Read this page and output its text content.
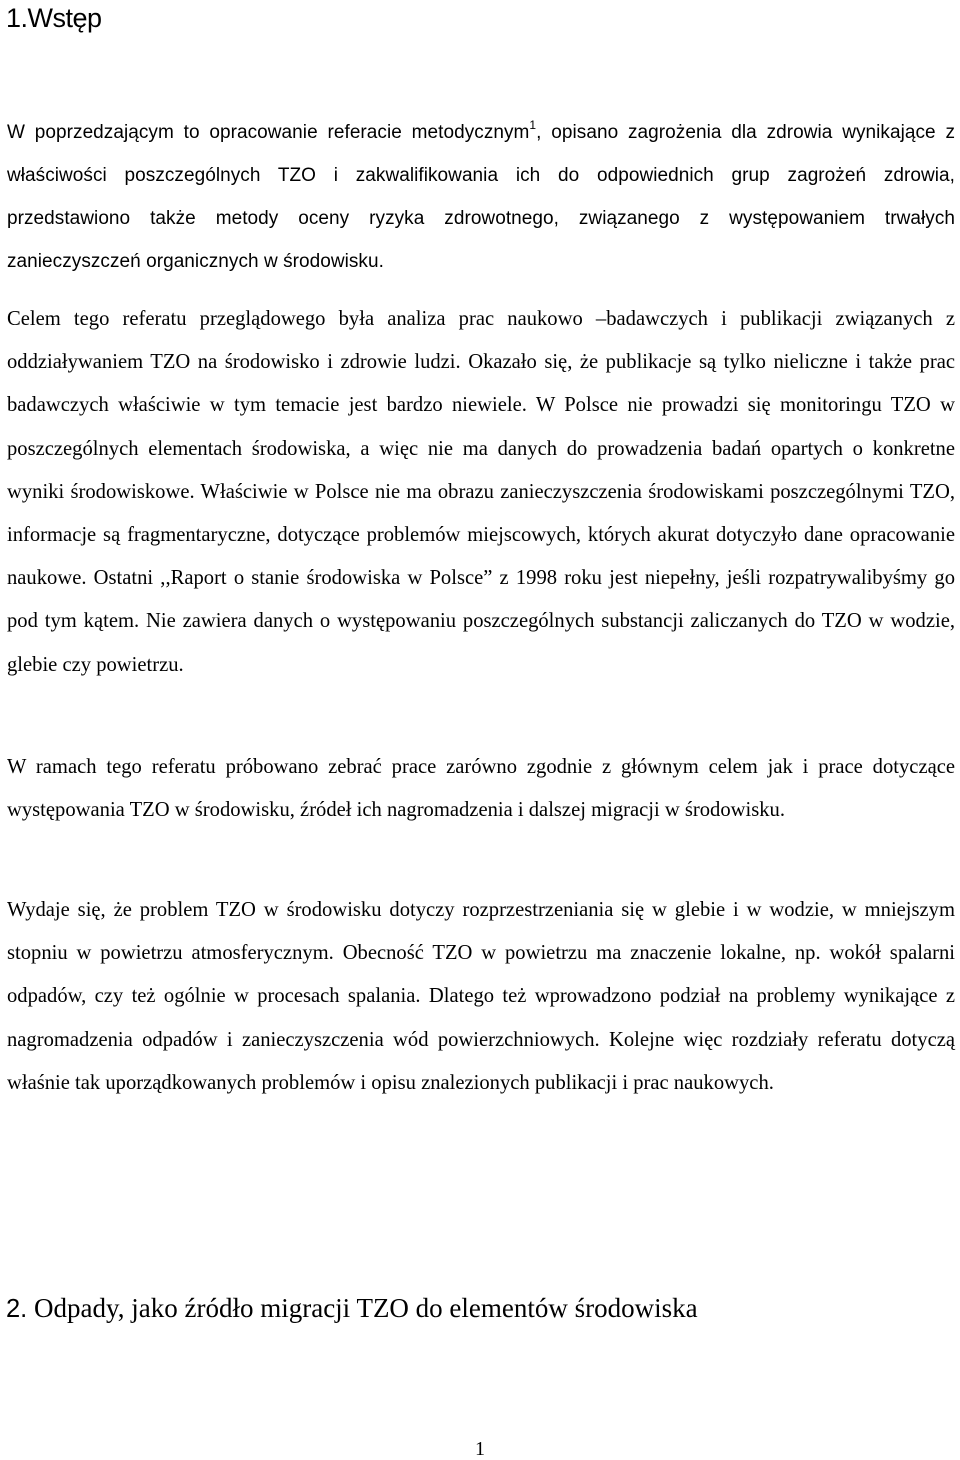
1.Wstęp

W poprzedzającym to opracowanie referacie metodycznym$^1$, opisano zagrożenia dla zdrowia wynikające z właściwości poszczególnych TZO i zakwalifikowania ich do odpowiednich grup zagrożeń zdrowia, przedstawiono także metody oceny ryzyka zdrowotnego, związanego z występowaniem trwałych zanieczyszczeń organicznych w środowisku.

Celem tego referatu przeglądowego była analiza prac naukowo –badawczych i publikacji związanych z oddziaływaniem TZO na środowisko i zdrowie ludzi. Okazało się, że publikacje są tylko nieliczne i także prac badawczych właściwie w tym temacie jest bardzo niewiele. W Polsce nie prowadzi się monitoringu TZO w poszczególnych elementach środowiska, a więc nie ma danych do prowadzenia badań opartych o konkretne wyniki środowiskowe. Właściwie w Polsce nie ma obrazu zanieczyszczenia środowiskami poszczególnymi TZO, informacje są fragmentaryczne, dotyczące problemów miejscowych, których akurat dotyczyło dane opracowanie naukowe. Ostatni ,,Raport o stanie środowiska w Polsce” z 1998 roku jest niepełny, jeśli rozpatrywalibyśmy go pod tym kątem. Nie zawiera danych o występowaniu poszczególnych substancji zaliczanych do TZO w wodzie, glebie czy powietrzu.

W ramach tego referatu próbowano zebrać prace zarówno zgodnie z głównym celem jak i prace dotyczące występowania TZO w środowisku, źródeł ich nagromadzenia i dalszej migracji w środowisku.

Wydaje się, że problem TZO w środowisku dotyczy rozprzestrzeniania się w glebie i w wodzie, w mniejszym stopniu w powietrzu atmosferycznym. Obecność TZO w powietrzu ma znaczenie lokalne, np. wokół spalarni odpadów, czy też ogólnie w procesach spalania. Dlatego też wprowadzono podział na problemy wynikające z nagromadzenia odpadów i zanieczyszczenia wód powierzchniowych. Kolejne więc rozdziały referatu dotyczą właśnie tak uporządkowanych problemów i opisu znalezionych publikacji i prac naukowych.

2. Odpady, jako źródło migracji TZO do elementów środowiska
1
